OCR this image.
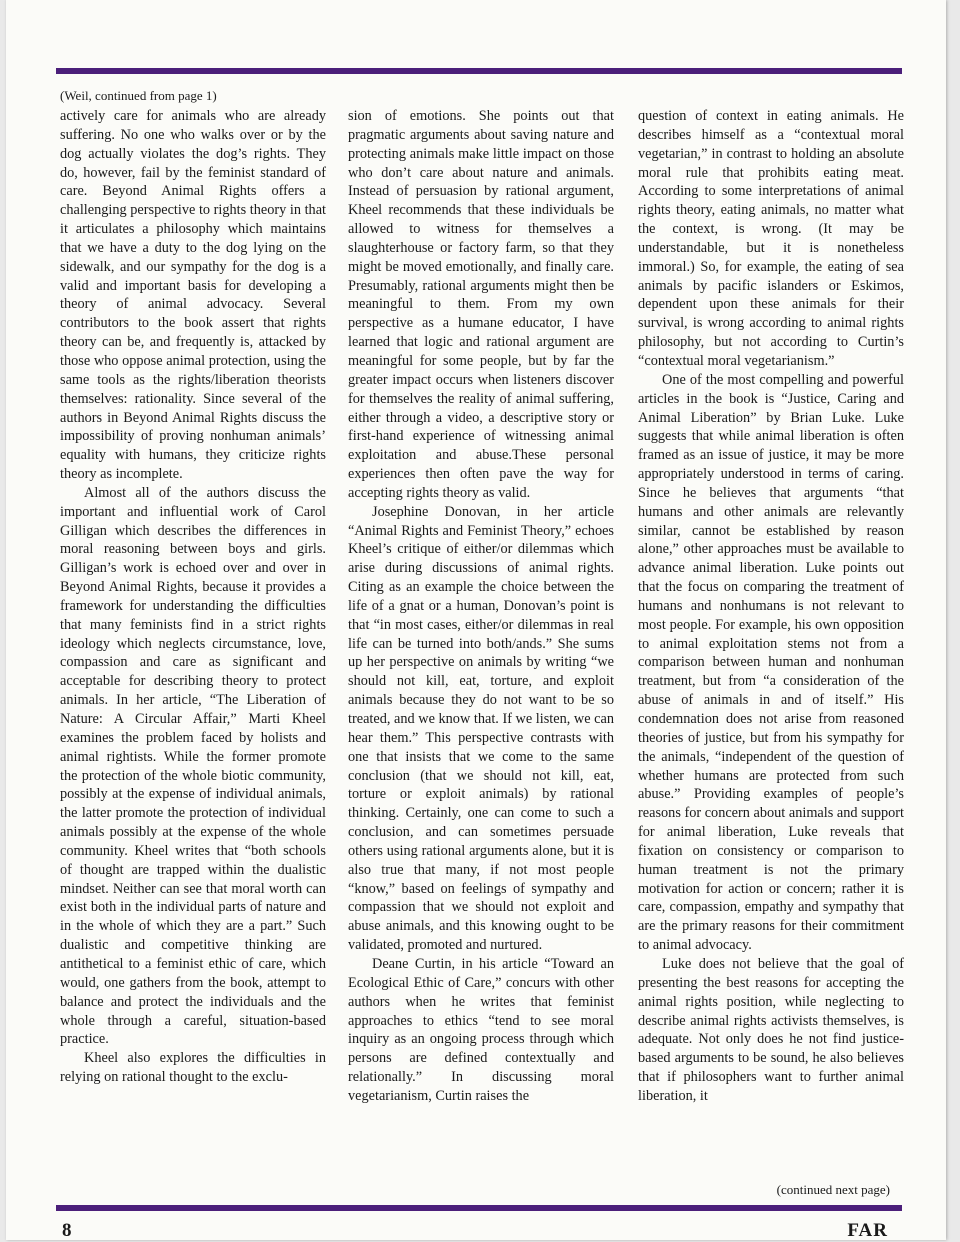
(Weil, continued from page 1)

actively care for animals who are already suffering. No one who walks over or by the dog actually violates the dog’s rights. They do, however, fail by the feminist standard of care. Beyond Animal Rights offers a challenging perspective to rights theory in that it articulates a philosophy which maintains that we have a duty to the dog lying on the sidewalk, and our sympathy for the dog is a valid and important basis for developing a theory of animal advocacy. Several contributors to the book assert that rights theory can be, and frequently is, attacked by those who oppose animal protection, using the same tools as the rights/liberation theorists themselves: rationality. Since several of the authors in Beyond Animal Rights discuss the impossibility of proving nonhuman animals’ equality with humans, they criticize rights theory as incomplete.

Almost all of the authors discuss the important and influential work of Carol Gilligan which describes the differences in moral reasoning between boys and girls. Gilligan’s work is echoed over and over in Beyond Animal Rights, because it provides a framework for understanding the difficulties that many feminists find in a strict rights ideology which neglects circumstance, love, compassion and care as significant and acceptable for describing theory to protect animals. In her article, “The Liberation of Nature: A Circular Affair,” Marti Kheel examines the problem faced by holists and animal rightists. While the former promote the protection of the whole biotic community, possibly at the expense of individual animals, the latter promote the protection of individual animals possibly at the expense of the whole community. Kheel writes that “both schools of thought are trapped within the dualistic mindset. Neither can see that moral worth can exist both in the individual parts of nature and in the whole of which they are a part.” Such dualistic and competitive thinking are antithetical to a feminist ethic of care, which would, one gathers from the book, attempt to balance and protect the individuals and the whole through a careful, situation-based practice.

Kheel also explores the difficulties in relying on rational thought to the exclu-

sion of emotions. She points out that pragmatic arguments about saving nature and protecting animals make little impact on those who don’t care about nature and animals. Instead of persuasion by rational argument, Kheel recommends that these individuals be allowed to witness for themselves a slaughterhouse or factory farm, so that they might be moved emotionally, and finally care. Presumably, rational arguments might then be meaningful to them. From my own perspective as a humane educator, I have learned that logic and rational argument are meaningful for some people, but by far the greater impact occurs when listeners discover for themselves the reality of animal suffering, either through a video, a descriptive story or first-hand experience of witnessing animal exploitation and abuse.These personal experiences then often pave the way for accepting rights theory as valid.

Josephine Donovan, in her article “Animal Rights and Feminist Theory,” echoes Kheel’s critique of either/or dilemmas which arise during discussions of animal rights. Citing as an example the choice between the life of a gnat or a human, Donovan’s point is that “in most cases, either/or dilemmas in real life can be turned into both/ands.” She sums up her perspective on animals by writing “we should not kill, eat, torture, and exploit animals because they do not want to be so treated, and we know that. If we listen, we can hear them.” This perspective contrasts with one that insists that we come to the same conclusion (that we should not kill, eat, torture or exploit animals) by rational thinking. Certainly, one can come to such a conclusion, and can sometimes persuade others using rational arguments alone, but it is also true that many, if not most people “know,” based on feelings of sympathy and compassion that we should not exploit and abuse animals, and this knowing ought to be validated, promoted and nurtured.

Deane Curtin, in his article “Toward an Ecological Ethic of Care,” concurs with other authors when he writes that feminist approaches to ethics “tend to see moral inquiry as an ongoing process through which persons are defined contextually and relationally.” In discussing moral vegetarianism, Curtin raises the

question of context in eating animals. He describes himself as a “contextual moral vegetarian,” in contrast to holding an absolute moral rule that prohibits eating meat. According to some interpretations of animal rights theory, eating animals, no matter what the context, is wrong. (It may be understandable, but it is nonetheless immoral.) So, for example, the eating of sea animals by pacific islanders or Eskimos, dependent upon these animals for their survival, is wrong according to animal rights philosophy, but not according to Curtin’s “contextual moral vegetarianism.”

One of the most compelling and powerful articles in the book is “Justice, Caring and Animal Liberation” by Brian Luke. Luke suggests that while animal liberation is often framed as an issue of justice, it may be more appropriately understood in terms of caring. Since he believes that arguments “that humans and other animals are relevantly similar, cannot be established by reason alone,” other approaches must be available to advance animal liberation. Luke points out that the focus on comparing the treatment of humans and nonhumans is not relevant to most people. For example, his own opposition to animal exploitation stems not from a comparison between human and nonhuman treatment, but from “a consideration of the abuse of animals in and of itself.” His condemnation does not arise from reasoned theories of justice, but from his sympathy for the animals, “independent of the question of whether humans are protected from such abuse.” Providing examples of people’s reasons for concern about animals and support for animal liberation, Luke reveals that fixation on consistency or comparison to human treatment is not the primary motivation for action or concern; rather it is care, compassion, empathy and sympathy that are the primary reasons for their commitment to animal advocacy.

Luke does not believe that the goal of presenting the best reasons for accepting the animal rights position, while neglecting to describe animal rights activists themselves, is adequate. Not only does he not find justice-based arguments to be sound, he also believes that if philosophers want to further animal liberation, it

(continued next page)
8	FAR
